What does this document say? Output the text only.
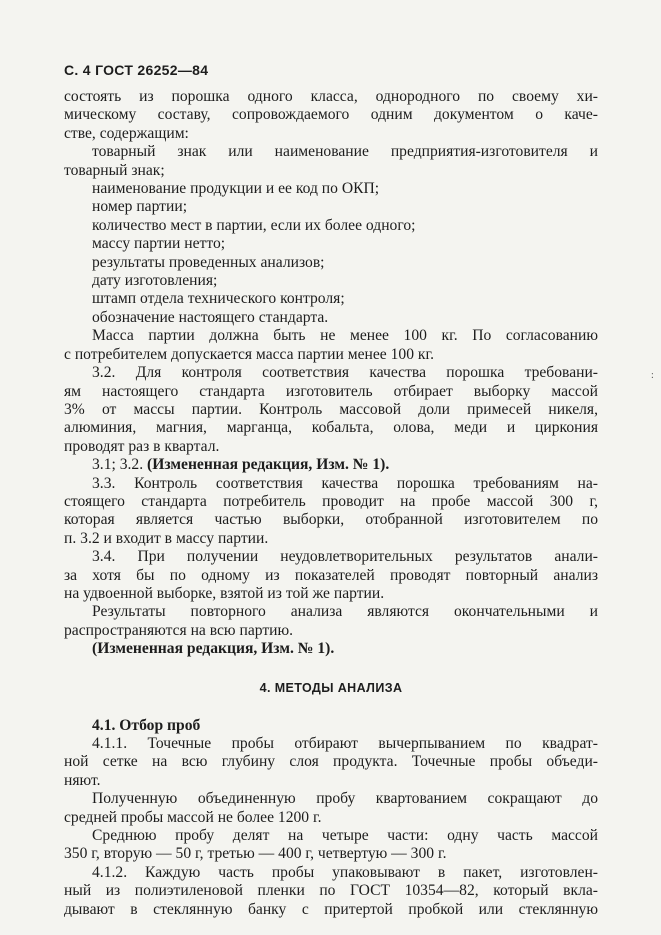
С. 4 ГОСТ 26252—84

состоять из порошка одного класса, однородного по своему хи-

мическому составу, сопровождаемого одним документом о каче-

стве, содержащим:

товарный знак или наименование предприятия-изготовителя и

товарный знак;

наименование продукции и ее код по ОКП;

номер партии;

количество мест в партии, если их более одного;

массу партии нетто;

результаты проведенных анализов;

дату изготовления;

штамп отдела технического контроля;

обозначение настоящего стандарта.

Масса партии должна быть не менее 100 кг. По согласованию

с потребителем допускается масса партии менее 100 кг.

3.2. Для контроля соответствия качества порошка требовани-

ям настоящего стандарта изготовитель отбирает выборку массой

3% от массы партии. Контроль массовой доли примесей никеля,

алюминия, магния, марганца, кобальта, олова, меди и циркония

проводят раз в квартал.

3.1; 3.2. (Измененная редакция, Изм. № 1).

3.3. Контроль соответствия качества порошка требованиям на-

стоящего стандарта потребитель проводит на пробе массой 300 г,

которая является частью выборки, отобранной изготовителем по

п. 3.2 и входит в массу партии.

3.4. При получении неудовлетворительных результатов анали-

за хотя бы по одному из показателей проводят повторный анализ

на удвоенной выборке, взятой из той же партии.

Результаты повторного анализа являются окончательными и

распространяются на всю партию.

(Измененная редакция, Изм. № 1).

4. МЕТОДЫ АНАЛИЗА

4.1. Отбор проб

4.1.1. Точечные пробы отбирают вычерпыванием по квадрат-

ной сетке на всю глубину слоя продукта. Точечные пробы объеди-

няют.

Полученную объединенную пробу квартованием сокращают до

средней пробы массой не более 1200 г.

Среднюю пробу делят на четыре части: одну часть массой

350 г, вторую — 50 г, третью — 400 г, четвертую — 300 г.

4.1.2. Каждую часть пробы упаковывают в пакет, изготовлен-

ный из полиэтиленовой пленки по ГОСТ 10354—82, который вкла-

дывают в стеклянную банку с притертой пробкой или стеклянную

:
